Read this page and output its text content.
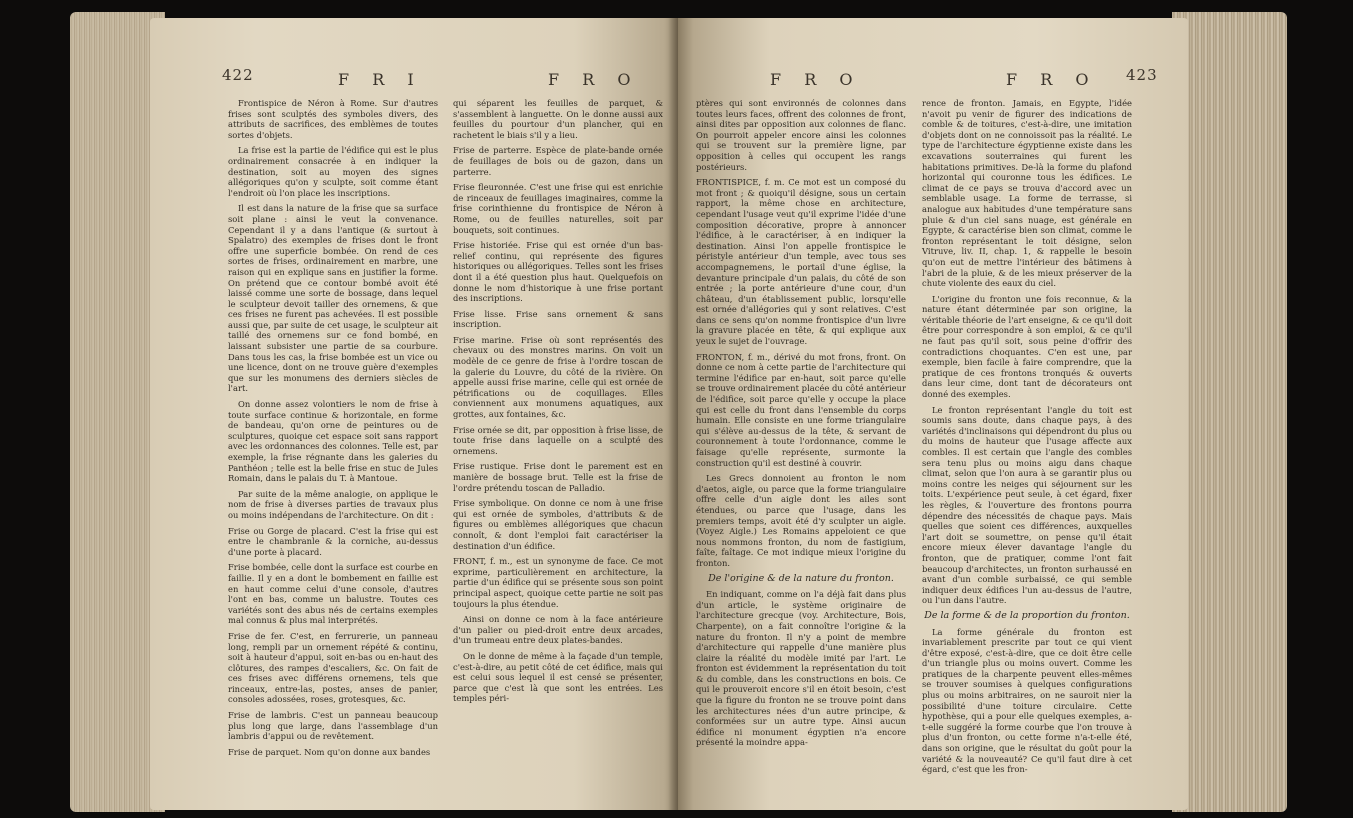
422	F R I	F R O

Frontispice de Néron à Rome. Sur d'autres frises sont sculptés des symboles divers, des attributs de sacrifices, des emblèmes de toutes sortes d'objets.

La frise est la partie de l'édifice qui est le plus ordinairement consacrée à en indiquer la destination, soit au moyen des signes allégoriques qu'on y sculpte, soit comme étant l'endroit où l'on place les inscriptions.

Il est dans la nature de la frise que sa surface soit plane : ainsi le veut la convenance. Cependant il y a dans l'antique (& surtout à Spalatro) des exemples de frises dont le front offre une superficie bombée. On rend de ces sortes de frises, ordinairement en marbre, une raison qui en explique sans en justifier la forme. On prétend que ce contour bombé avoit été laissé comme une sorte de bossage, dans lequel le sculpteur devoit tailler des ornemens, & que ces frises ne furent pas achevées. Il est possible aussi que, par suite de cet usage, le sculpteur ait taillé des ornemens sur ce fond bombé, en laissant subsister une partie de sa courbure. Dans tous les cas, la frise bombée est un vice ou une licence, dont on ne trouve guère d'exemples que sur les monumens des derniers siècles de l'art.

On donne assez volontiers le nom de frise à toute surface continue & horizontale, en forme de bandeau, qu'on orne de peintures ou de sculptures, quoique cet espace soit sans rapport avec les ordonnances des colonnes. Telle est, par exemple, la frise régnante dans les galeries du Panthéon ; telle est la belle frise en stuc de Jules Romain, dans le palais du T. à Mantoue.

Par suite de la même analogie, on applique le nom de frise à diverses parties de travaux plus ou moins indépendans de l'architecture. On dit :

Frise ou Gorge de placard. C'est la frise qui est entre le chambranle & la corniche, au-dessus d'une porte à placard.

Frise bombée, celle dont la surface est courbe en faillie. Il y en a dont le bombement en faillie est en haut comme celui d'une console, d'autres l'ont en bas, comme un balustre. Toutes ces variétés sont des abus nés de certains exemples mal connus & plus mal interprétés.

Frise de fer. C'est, en ferrurerie, un panneau long, rempli par un ornement répété & continu, soit à hauteur d'appui, soit en-bas ou en-haut des clôtures, des rampes d'escaliers, &c. On fait de ces frises avec différens ornemens, tels que rinceaux, entre-las, postes, anses de panier, consoles adossées, roses, grotesques, &c.

Frise de lambris. C'est un panneau beaucoup plus long que large, dans l'assemblage d'un lambris d'appui ou de revêtement.

Frise de parquet. Nom qu'on donne aux bandes

qui séparent les feuilles de parquet, & s'assemblent à languette. On le donne aussi aux feuilles du pourtour d'un plancher, qui en rachetent le biais s'il y a lieu.

Frise de parterre. Espèce de plate-bande ornée de feuillages de bois ou de gazon, dans un parterre.

Frise fleuronnée. C'est une frise qui est enrichie de rinceaux de feuillages imaginaires, comme la frise corinthienne du frontispice de Néron à Rome, ou de feuilles naturelles, soit par bouquets, soit continues.

Frise historiée. Frise qui est ornée d'un bas-relief continu, qui représente des figures historiques ou allégoriques. Telles sont les frises dont il a été question plus haut. Quelquefois on donne le nom d'historique à une frise portant des inscriptions.

Frise lisse. Frise sans ornement & sans inscription.

Frise marine. Frise où sont représentés des chevaux ou des monstres marins. On voit un modèle de ce genre de frise à l'ordre toscan de la galerie du Louvre, du côté de la rivière. On appelle aussi frise marine, celle qui est ornée de pétrifications ou de coquillages. Elles conviennent aux monumens aquatiques, aux grottes, aux fontaines, &c.

Frise ornée se dit, par opposition à frise lisse, de toute frise dans laquelle on a sculpté des ornemens.

Frise rustique. Frise dont le parement est en manière de bossage brut. Telle est la frise de l'ordre prétendu toscan de Palladio.

Frise symbolique. On donne ce nom à une frise qui est ornée de symboles, d'attributs & de figures ou emblèmes allégoriques que chacun connoît, & dont l'emploi fait caractériser la destination d'un édifice.

FRONT, f. m., est un synonyme de face. Ce mot exprime, particulièrement en architecture, la partie d'un édifice qui se présente sous son point principal aspect, quoique cette partie ne soit pas toujours la plus étendue.

Ainsi on donne ce nom à la face antérieure d'un palier ou pied-droit entre deux arcades, d'un trumeau entre deux plates-bandes.

On le donne de même à la façade d'un temple, c'est-à-dire, au petit côté de cet édifice, mais qui est celui sous lequel il est censé se présenter, parce que c'est là que sont les entrées. Les temples péri-

F R O	F R O 423

ptères qui sont environnés de colonnes dans toutes leurs faces, offrent des colonnes de front, ainsi dites par opposition aux colonnes de flanc. On pourroit appeler encore ainsi les colonnes qui se trouvent sur la première ligne, par opposition à celles qui occupent les rangs postérieurs.

FRONTISPICE, f. m. Ce mot est un composé du mot front ; & quoiqu'il désigne, sous un certain rapport, la même chose en architecture, cependant l'usage veut qu'il exprime l'idée d'une composition décorative, propre à annoncer l'édifice, à le caractériser, à en indiquer la destination. Ainsi l'on appelle frontispice le péristyle antérieur d'un temple, avec tous ses accompagnemens, le portail d'une église, la devanture principale d'un palais, du côté de son entrée ; la porte antérieure d'une cour, d'un château, d'un établissement public, lorsqu'elle est ornée d'allégories qui y sont relatives. C'est dans ce sens qu'on nomme frontispice d'un livre la gravure placée en tête, & qui explique aux yeux le sujet de l'ouvrage.

FRONTON, f. m., dérivé du mot frons, front. On donne ce nom à cette partie de l'architecture qui termine l'édifice par en-haut, soit parce qu'elle se trouve ordinairement placée du côté antérieur de l'édifice, soit parce qu'elle y occupe la place qui est celle du front dans l'ensemble du corps humain. Elle consiste en une forme triangulaire qui s'élève au-dessus de la tête, & servant de couronnement à toute l'ordonnance, comme le faisage qu'elle représente, surmonte la construction qu'il est destiné à couvrir.

Les Grecs donnoient au fronton le nom d'aetos, aigle, ou parce que la forme triangulaire offre celle d'un aigle dont les ailes sont étendues, ou parce que l'usage, dans les premiers temps, avoit été d'y sculpter un aigle. (Voyez Aigle.) Les Romains appeloient ce que nous nommons fronton, du nom de fastigium, faîte, faîtage. Ce mot indique mieux l'origine du fronton.

De l'origine & de la nature du fronton.

En indiquant, comme on l'a déjà fait dans plus d'un article, le système originaire de l'architecture grecque (voy. Architecture, Bois, Charpente), on a fait connoître l'origine & la nature du fronton. Il n'y a point de membre d'architecture qui rappelle d'une manière plus claire la réalité du modèle imité par l'art. Le fronton est évidemment la représentation du toit & du comble, dans les constructions en bois. Ce qui le prouveroit encore s'il en étoit besoin, c'est que la figure du fronton ne se trouve point dans les architectures nées d'un autre principe, & conformées sur un autre type. Ainsi aucun édifice ni monument égyptien n'a encore présenté la moindre appa-

rence de fronton. Jamais, en Egypte, l'idée n'avoit pu venir de figurer des indications de comble & de toitures, c'est-à-dire, une imitation d'objets dont on ne connoissoit pas la réalité. Le type de l'architecture égyptienne existe dans les excavations souterraines qui furent les habitations primitives. De-là la forme du plafond horizontal qui couronne tous les édifices. Le climat de ce pays se trouva d'accord avec un semblable usage. La forme de terrasse, si analogue aux habitudes d'une température sans pluie & d'un ciel sans nuage, est générale en Egypte, & caractérise bien son climat, comme le fronton représentant le toit désigne, selon Vitruve, liv. II, chap. 1, & rappelle le besoin qu'on eut de mettre l'intérieur des bâtimens à l'abri de la pluie, & de les mieux préserver de la chute violente des eaux du ciel.

L'origine du fronton une fois reconnue, & la nature étant déterminée par son origine, la véritable théorie de l'art enseigne, & ce qu'il doit être pour correspondre à son emploi, & ce qu'il ne faut pas qu'il soit, sous peine d'offrir des contradictions choquantes. C'en est une, par exemple, bien facile à faire comprendre, que la pratique de ces frontons tronqués & ouverts dans leur cime, dont tant de décorateurs ont donné des exemples.

Le fronton représentant l'angle du toit est soumis sans doute, dans chaque pays, à des variétés d'inclinaisons qui dépendront du plus ou du moins de hauteur que l'usage affecte aux combles. Il est certain que l'angle des combles sera tenu plus ou moins aigu dans chaque climat, selon que l'on aura à se garantir plus ou moins contre les neiges qui séjournent sur les toits. L'expérience peut seule, à cet égard, fixer les règles, & l'ouverture des frontons pourra dépendre des nécessités de chaque pays. Mais quelles que soient ces différences, auxquelles l'art doit se soumettre, on pense qu'il était encore mieux élever davantage l'angle du fronton, que de pratiquer, comme l'ont fait beaucoup d'architectes, un fronton surhaussé en avant d'un comble surbaissé, ce qui semble indiquer deux édifices l'un au-dessus de l'autre, ou l'un dans l'autre.

De la forme & de la proportion du fronton.

La forme générale du fronton est invariablement prescrite par tout ce qui vient d'être exposé, c'est-à-dire, que ce doit être celle d'un triangle plus ou moins ouvert. Comme les pratiques de la charpente peuvent elles-mêmes se trouver soumises à quelques configurations plus ou moins arbitraires, on ne sauroit nier la possibilité d'une toiture circulaire. Cette hypothèse, qui a pour elle quelques exemples, a-t-elle suggéré la forme courbe que l'on trouve à plus d'un fronton, ou cette forme n'a-t-elle été, dans son origine, que le résultat du goût pour la variété & la nouveauté? Ce qu'il faut dire à cet égard, c'est que les fron-
